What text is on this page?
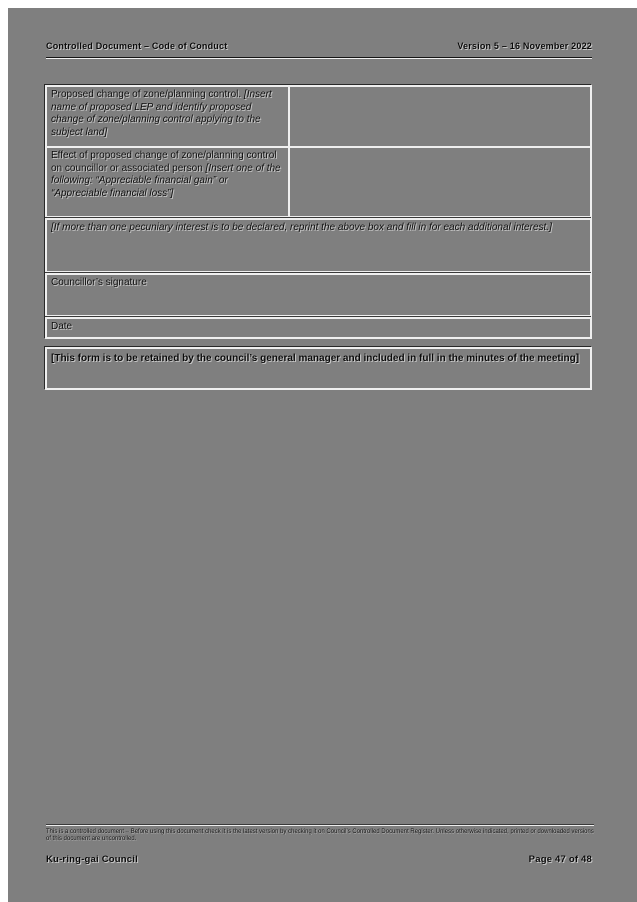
Controlled Document – Code of Conduct	Version 5 – 16 November 2022
Proposed change of zone/planning control. [Insert name of proposed LEP and identify proposed change of zone/planning control applying to the subject land]
Effect of proposed change of zone/planning control on councillor or associated person [Insert one of the following: “Appreciable financial gain” or “Appreciable financial loss”]
[If more than one pecuniary interest is to be declared, reprint the above box and fill in for each additional interest.]
Councillor’s signature
Date
[This form is to be retained by the council’s general manager and included in full in the minutes of the meeting]
This is a controlled document – Before using this document check it is the latest version by checking it on Council’s Controlled Document Register. Unless otherwise indicated, printed or downloaded versions of this document are uncontrolled.
Ku-ring-gai Council	Page 47 of 48
